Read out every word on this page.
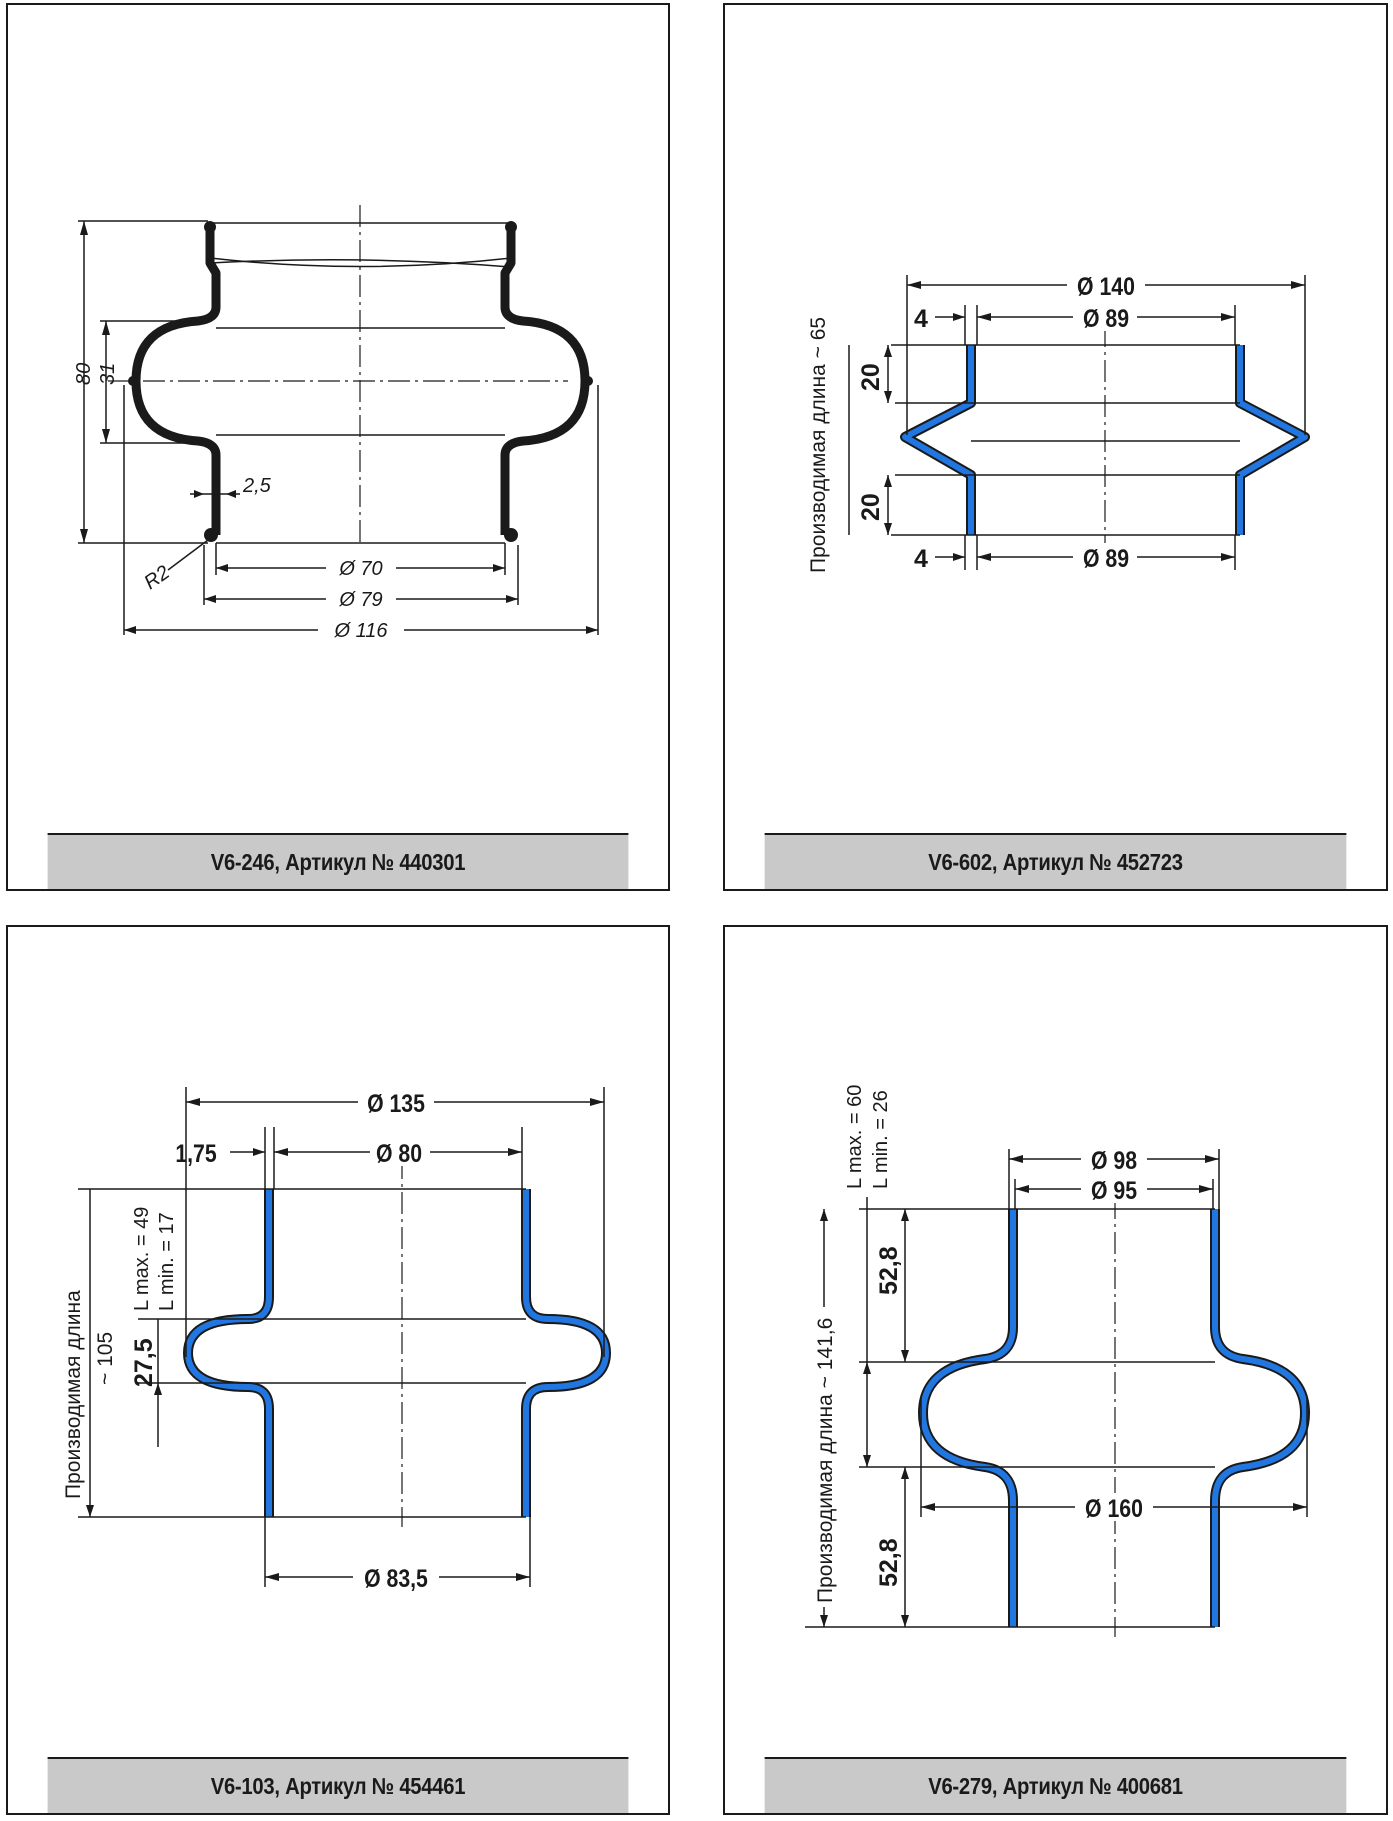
80 31
2,5
R2	Ø 70
Ø 79
Ø 116
V6-246, Артикул № 440301
Ø 140
Ø 89
4
Ø 89
4
20
20
Производимая длина ~ 65
V6-602, Артикул № 452723
Ø 135
Ø 80
1,75
Ø 83,5
L max. = 49 L min. = 17
27,5
Производимая длина ~ 105
V6-103, Артикул № 454461
Ø 98
Ø 95
Ø 160
52,8
52,8
L max. = 60 L min. = 26
Производимая длина ~ 141,6
V6-279, Артикул № 400681
